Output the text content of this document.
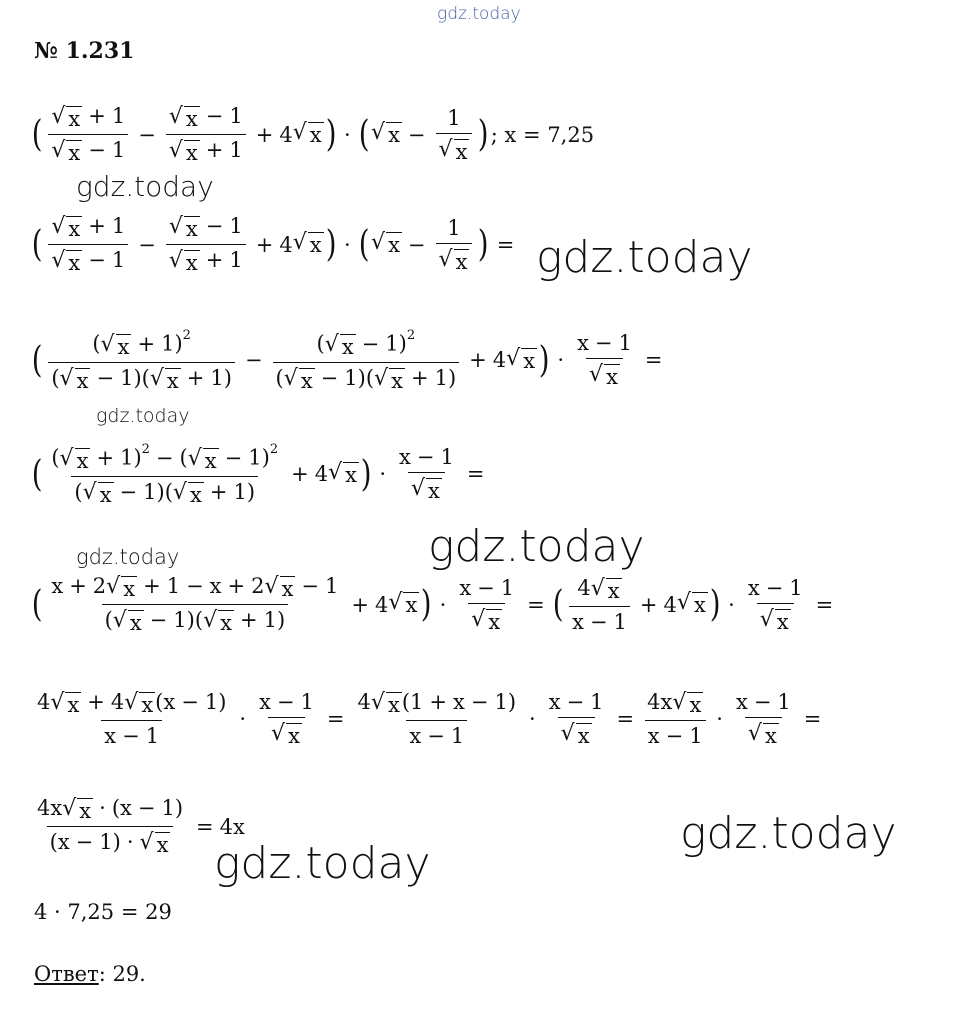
gdz.today
gdz.today
gdz.today
gdz.today
gdz.today
gdz.today
gdz.today
gdz.today
№ 1.231
( $\frac{√ x + 1}{√ x - 1} - \frac{√ x - 1}{√ x + 1} + 4$ √ x ) · ( √ $x - \frac{1}{√ x}$ ) ;
x = 7,25
( $\frac{√ x + 1}{√ x - 1} - \frac{√ x - 1}{√ x + 1} + 4$ √ x ) · ( √ $x - \frac{1}{√ x}$ ) =
( $\frac{( √ x + 1)^2}{( √ x - 1)( √ x + 1)} - \frac{( √ x - 1)^2}{( √ x - 1)( √ x + 1)} + 4$ √ x ) · $\frac{x - 1}{√ x}$ =
( $\frac{( √ x + 1)^2 - ( √ x - 1)^2}{( √ x - 1)( √ x + 1)} + 4$ √ x ) · $\frac{x - 1}{√ x}$ =
( $\frac{x + 2 √ x + 1 - x + 2 √ x - 1}{( √ x - 1)( √ x + 1)} + 4$ √ x ) · $\frac{x - 1}{√ x}$ = ( $\frac{4 √ x}{x - 1} + 4$ √ x ) · $\frac{x - 1}{√ x}$ =
$\frac{4 √ x + 4 √ x (x - 1)}{x - 1} \cdot \frac{x - 1}{√ x} = \frac{4 √ x (1 + x - 1)}{x - 1} \cdot \frac{x - 1}{√ x} = \frac{4x √ x}{x - 1} \cdot \frac{x - 1}{√ x}$ =
$\frac{4x √ x \cdot (x - 1)}{(x - 1) \cdot √ x} = 4x$
4 · 7,25 = 29
Ответ : 29.
